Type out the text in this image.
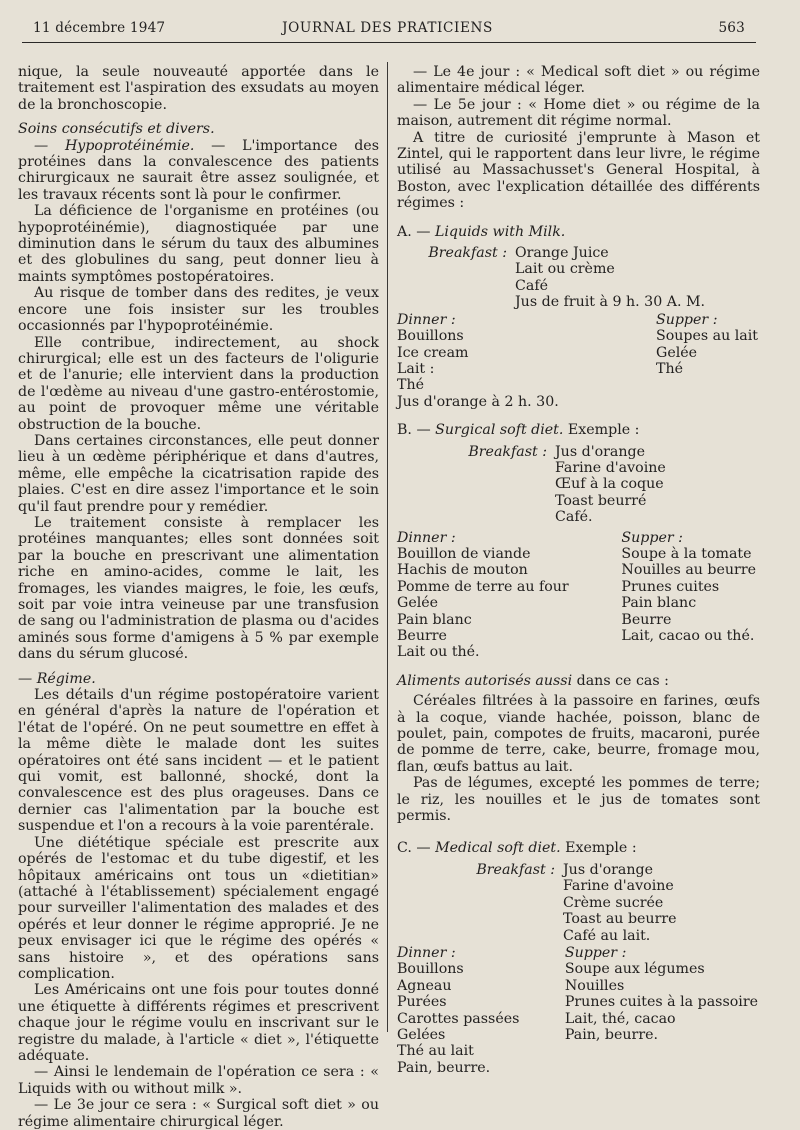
11 décembre 1947	JOURNAL DES PRATICIENS	563

nique, la seule nouveauté apportée dans le traitement est l'aspiration des exsudats au moyen de la bronchoscopie.

Soins consécutifs et divers.

— Hypoprotéinémie. — L'importance des protéines dans la convalescence des patients chirurgicaux ne saurait être assez soulignée, et les travaux récents sont là pour le confirmer.

La déficience de l'organisme en protéines (ou hypoprotéinémie), diagnostiquée par une diminution dans le sérum du taux des albumines et des globulines du sang, peut donner lieu à maints symptômes postopératoires.

Au risque de tomber dans des redites, je veux encore une fois insister sur les troubles occasionnés par l'hypoprotéinémie.

Elle contribue, indirectement, au shock chirurgical; elle est un des facteurs de l'oligurie et de l'anurie; elle intervient dans la production de l'œdème au niveau d'une gastro-entérostomie, au point de provoquer même une véritable obstruction de la bouche.

Dans certaines circonstances, elle peut donner lieu à un œdème périphérique et dans d'autres, même, elle empêche la cicatrisation rapide des plaies. C'est en dire assez l'importance et le soin qu'il faut prendre pour y remédier.

Le traitement consiste à remplacer les protéines manquantes; elles sont données soit par la bouche en prescrivant une alimentation riche en amino-acides, comme le lait, les fromages, les viandes maigres, le foie, les œufs, soit par voie intra veineuse par une transfusion de sang ou l'administration de plasma ou d'acides aminés sous forme d'amigens à 5 % par exemple dans du sérum glucosé.

— Régime.

Les détails d'un régime postopératoire varient en général d'après la nature de l'opération et l'état de l'opéré. On ne peut soumettre en effet à la même diète le malade dont les suites opératoires ont été sans incident — et le patient qui vomit, est ballonné, shocké, dont la convalescence est des plus orageuses. Dans ce dernier cas l'alimentation par la bouche est suspendue et l'on a recours à la voie parentérale.

Une diététique spéciale est prescrite aux opérés de l'estomac et du tube digestif, et les hôpitaux américains ont tous un «dietitian» (attaché à l'établissement) spécialement engagé pour surveiller l'alimentation des malades et des opérés et leur donner le régime approprié. Je ne peux envisager ici que le régime des opérés « sans histoire », et des opérations sans complication.

Les Américains ont une fois pour toutes donné une étiquette à différents régimes et prescrivent chaque jour le régime voulu en inscrivant sur le registre du malade, à l'article « diet », l'étiquette adéquate.

— Ainsi le lendemain de l'opération ce sera : « Liquids with ou without milk ».

— Le 3e jour ce sera : « Surgical soft diet » ou régime alimentaire chirurgical léger.

— Le 4e jour : « Medical soft diet » ou régime alimentaire médical léger.

— Le 5e jour : « Home diet » ou régime de la maison, autrement dit régime normal.

A titre de curiosité j'emprunte à Mason et Zintel, qui le rapportent dans leur livre, le régime utilisé au Massachusset's General Hospital, à Boston, avec l'explication détaillée des différents régimes :

A. — Liquids with Milk.
Breakfast : Orange Juice
Lait ou crème
Café
Jus de fruit à 9 h. 30 A. M.
Dinner :
Bouillons
Ice cream
Lait :
Thé
Supper :
Soupes au lait
Gelée
Thé
Jus d'orange à 2 h. 30.
B. — Surgical soft diet. Exemple :
Breakfast : Jus d'orange
Farine d'avoine
Œuf à la coque
Toast beurré
Café.
Dinner :
Bouillon de viande
Hachis de mouton
Pomme de terre au four
Gelée
Pain blanc
Beurre
Lait ou thé.
Supper :
Soupe à la tomate
Nouilles au beurre
Prunes cuites
Pain blanc
Beurre
Lait, cacao ou thé.

Aliments autorisés aussi dans ce cas :

Céréales filtrées à la passoire en farines, œufs à la coque, viande hachée, poisson, blanc de poulet, pain, compotes de fruits, macaroni, purée de pomme de terre, cake, beurre, fromage mou, flan, œufs battus au lait.

Pas de légumes, excepté les pommes de terre; le riz, les nouilles et le jus de tomates sont permis.

C. — Medical soft diet. Exemple :
Breakfast : Jus d'orange
Farine d'avoine
Crème sucrée
Toast au beurre
Café au lait.
Dinner :
Bouillons
Agneau
Purées
Carottes passées
Gelées
Thé au lait
Pain, beurre.
Supper :
Soupe aux légumes
Nouilles
Prunes cuites à la passoire
Lait, thé, cacao
Pain, beurre.
